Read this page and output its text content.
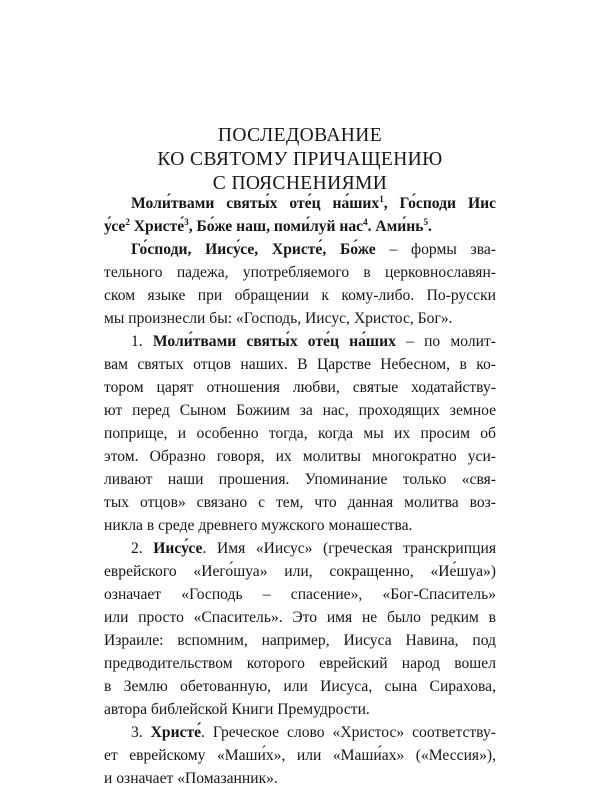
ПОСЛЕДОВАНИЕ
КО СВЯТОМУ ПРИЧАЩЕНИЮ
С ПОЯСНЕНИЯМИ
Моли́твами святы́х оте́ц на́ших$^1$, Го́споди Иис
$у́се^2$ Христе́$^3$, Бо́же наш, поми́луй нас$^4$. $Ами́нь^5$.
Го́споди, Иису́се, Христе́, Бо́же – формы зва-
тельного падежа, употребляемого в церковнославян-
ском языке при обращении к кому-либо. По-русски
мы произнесли бы: «Господь, Иисус, Христос, Бог».
1. Моли́твами святы́х оте́ц на́ших – по молит-
вам святых отцов наших. В Царстве Небесном, в ко-
тором царят отношения любви, святые ходатайству-
ют перед Сыном Божиим за нас, проходящих земное
поприще, и особенно тогда, когда мы их просим об
этом. Образно говоря, их молитвы многократно уси-
ливают наши прошения. Упоминание только «свя-
тых отцов» связано с тем, что данная молитва воз-
никла в среде древнего мужского монашества.
2. Иису́се. Имя «Иисус» (греческая транскрипция
еврейского «Иего́шуа» или, сокращенно, «Ие́шуа»)
означает «Господь – спасение», «Бог-Спаситель»
или просто «Спаситель». Это имя не было редким в
Израиле: вспомним, например, Иисуса Навина, под
предводительством которого еврейский народ вошел
в Землю обетованную, или Иисуса, сына Сирахова,
автора библейской Книги Премудрости.
3. Христе́. Греческое слово «Христос» соответству-
ет еврейскому «Маши́х», или «Маши́ах» («Мессия»),
и означает «Помазанник».
